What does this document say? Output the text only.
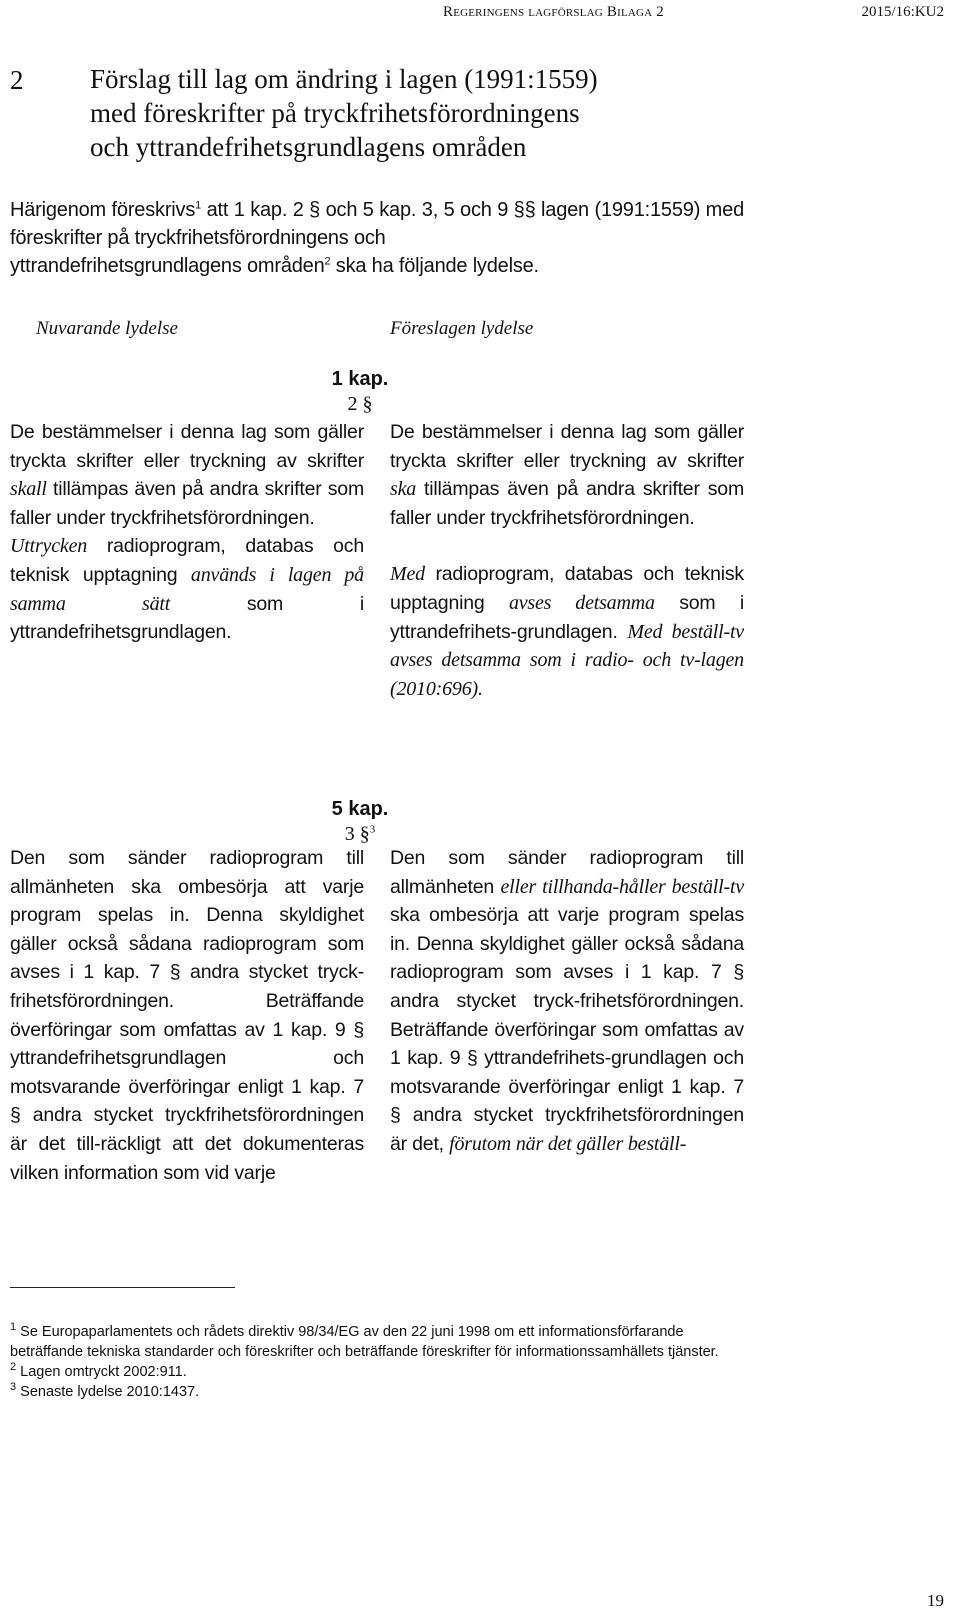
Regeringens lagförslag Bilaga 2	2015/16:KU2
2 Förslag till lag om ändring i lagen (1991:1559)
med föreskrifter på tryckfrihetsförordningens
och yttrandefrihetsgrundlagens områden

Härigenom föreskrivs$^1$ att 1 kap. 2 § och 5 kap. 3, 5 och 9 §§ lagen (1991:1559) med föreskrifter på tryckfrihetsförordningens och

yttrandefrihetsgrundlagens områden$^2$ ska ha följande lydelse.

Nuvarande lydelse	Föreslagen lydelse
1 kap.
2 §

De bestämmelser i denna lag som gäller tryckta skrifter eller tryckning av skrifter skall tillämpas även på andra skrifter som faller under tryckfrihetsförordningen.

Uttrycken radioprogram, databas och teknisk upptagning används i lagen på samma sätt som i yttrandefrihetsgrundlagen.

De bestämmelser i denna lag som gäller tryckta skrifter eller tryckning av skrifter ska tillämpas även på andra skrifter som faller under tryckfrihetsförordningen.

Med radioprogram, databas och teknisk upptagning avses detsamma som i yttrandefrihets-grundlagen. Med beställ-tv avses detsamma som i radio- och tv-lagen (2010:696).

5 kap.
3 §$^3$

Den som sänder radioprogram till allmänheten ska ombesörja att varje program spelas in. Denna skyldighet gäller också sådana radioprogram som avses i 1 kap. 7 § andra stycket tryck-frihetsförordningen. Beträffande överföringar som omfattas av 1 kap. 9 § yttrandefrihetsgrundlagen och motsvarande överföringar enligt 1 kap. 7 § andra stycket tryckfrihetsförordningen är det till-räckligt att det dokumenteras vilken information som vid varje

Den som sänder radioprogram till allmänheten eller tillhanda-håller beställ-tv ska ombesörja att varje program spelas in. Denna skyldighet gäller också sådana radioprogram som avses i 1 kap. 7 § andra stycket tryck-frihetsförordningen. Beträffande överföringar som omfattas av 1 kap. 9 § yttrandefrihets-grundlagen och motsvarande överföringar enligt 1 kap. 7 § andra stycket tryckfrihetsförordningen är det, förutom när det gäller beställ-

$^1$ Se Europaparlamentets och rådets direktiv 98/34/EG av den 22 juni 1998 om ett informationsförfarande beträffande tekniska standarder och föreskrifter och beträffande föreskrifter för informationssamhällets tjänster.

$^2$ Lagen omtryckt 2002:911.

$^3$ Senaste lydelse 2010:1437.

19
